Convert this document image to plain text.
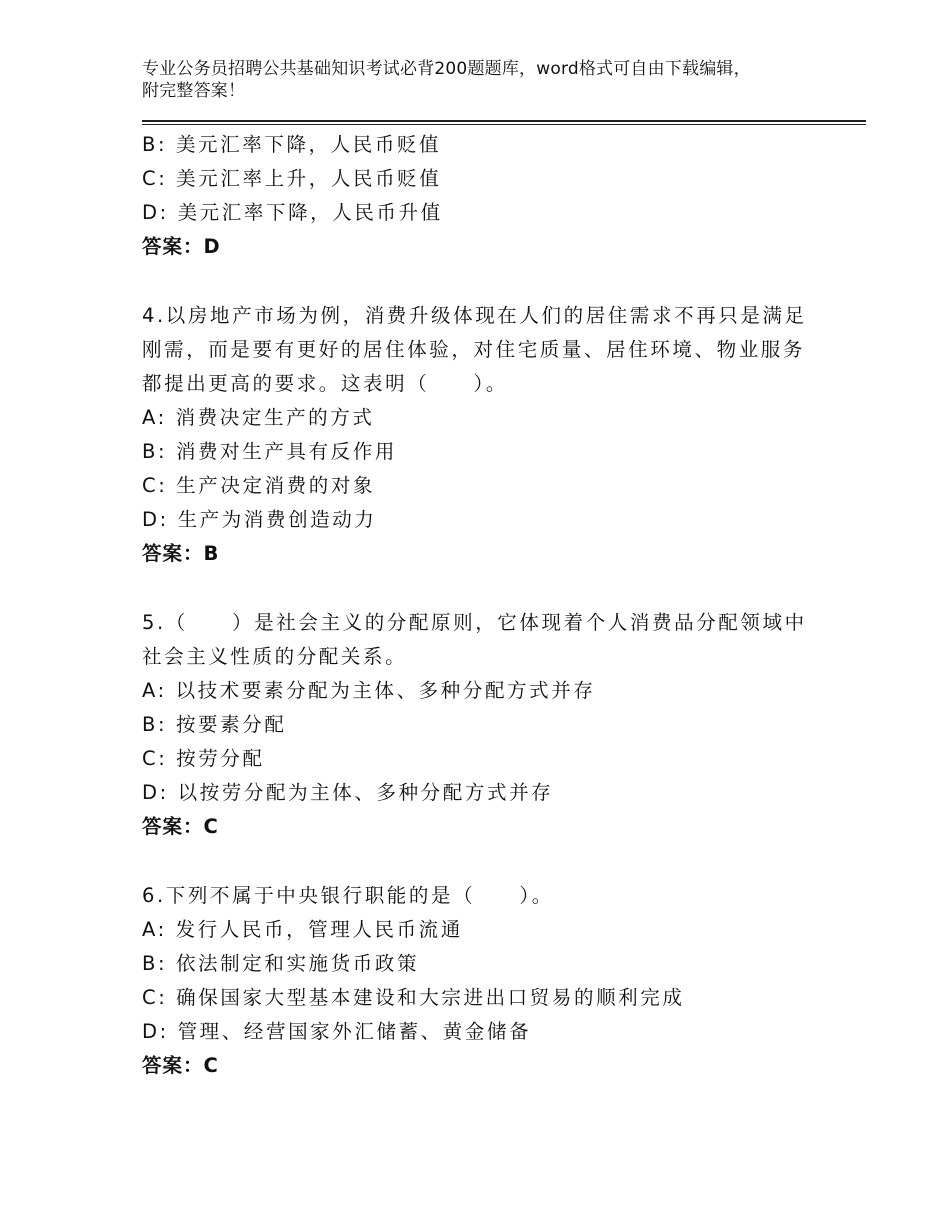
专业公务员招聘公共基础知识考试必背200题题库，word格式可自由下载编辑，
附完整答案！
B: 美元汇率下降，人民币贬值
C: 美元汇率上升，人民币贬值
D: 美元汇率下降，人民币升值
答案：D
4.以房地产市场为例，消费升级体现在人们的居住需求不再只是满足
刚需，而是要有更好的居住体验，对住宅质量、居住环境、物业服务
都提出更高的要求。这表明（　　）。
A: 消费决定生产的方式
B: 消费对生产具有反作用
C: 生产决定消费的对象
D: 生产为消费创造动力
答案：B
5.（　　）是社会主义的分配原则，它体现着个人消费品分配领域中
社会主义性质的分配关系。
A: 以技术要素分配为主体、多种分配方式并存
B: 按要素分配
C: 按劳分配
D: 以按劳分配为主体、多种分配方式并存
答案：C
6.下列不属于中央银行职能的是（　　）。
A: 发行人民币，管理人民币流通
B: 依法制定和实施货币政策
C: 确保国家大型基本建设和大宗进出口贸易的顺利完成
D: 管理、经营国家外汇储蓄、黄金储备
答案：C
